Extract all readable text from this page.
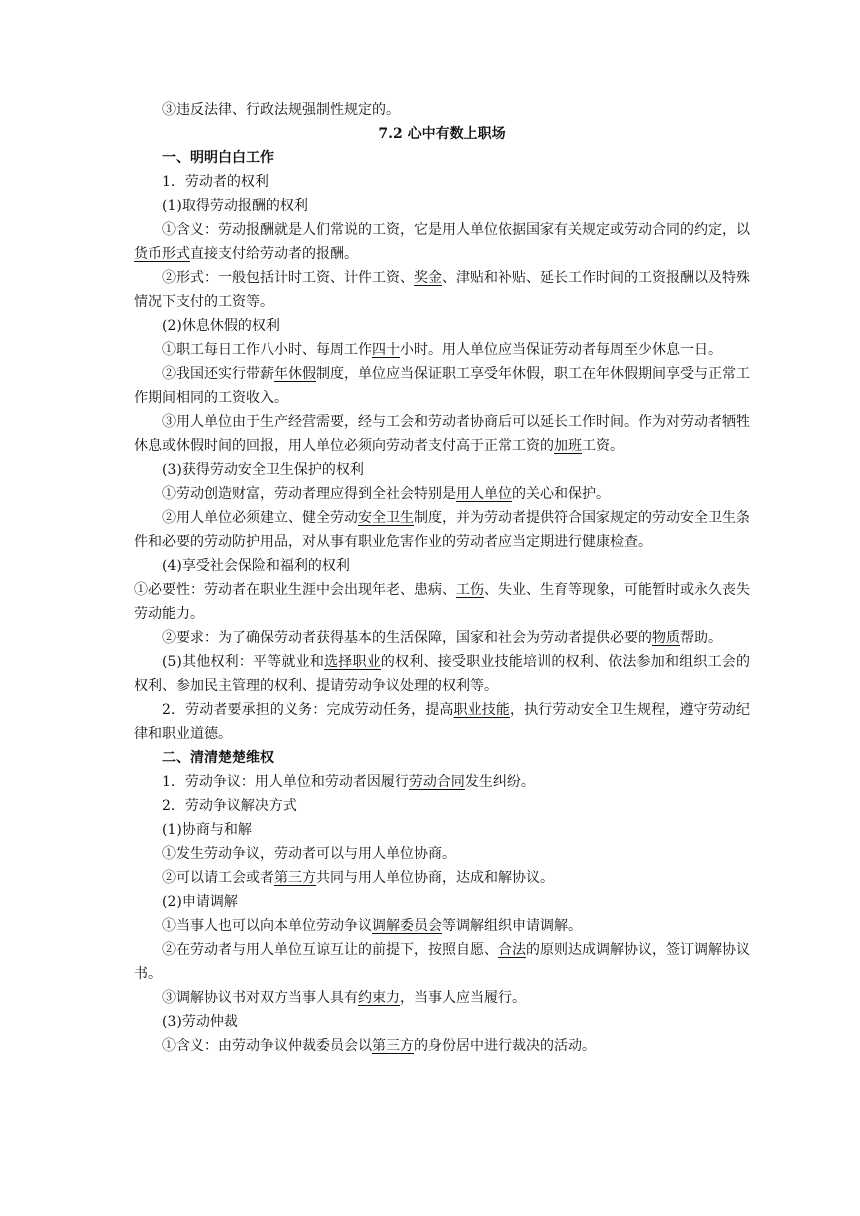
③违反法律、行政法规强制性规定的。

7.2 心中有数上职场

一、明明白白工作

1．劳动者的权利

(1)取得劳动报酬的权利

①含义：劳动报酬就是人们常说的工资，它是用人单位依据国家有关规定或劳动合同的约定，以货币形式直接支付给劳动者的报酬。

②形式：一般包括计时工资、计件工资、奖金、津贴和补贴、延长工作时间的工资报酬以及特殊情况下支付的工资等。

(2)休息休假的权利

①职工每日工作八小时、每周工作四十小时。用人单位应当保证劳动者每周至少休息一日。

②我国还实行带薪年休假制度，单位应当保证职工享受年休假，职工在年休假期间享受与正常工作期间相同的工资收入。

③用人单位由于生产经营需要，经与工会和劳动者协商后可以延长工作时间。作为对劳动者牺牲休息或休假时间的回报，用人单位必须向劳动者支付高于正常工资的加班工资。

(3)获得劳动安全卫生保护的权利

①劳动创造财富，劳动者理应得到全社会特别是用人单位的关心和保护。

②用人单位必须建立、健全劳动安全卫生制度，并为劳动者提供符合国家规定的劳动安全卫生条件和必要的劳动防护用品，对从事有职业危害作业的劳动者应当定期进行健康检查。

(4)享受社会保险和福利的权利

①必要性：劳动者在职业生涯中会出现年老、患病、工伤、失业、生育等现象，可能暂时或永久丧失劳动能力。

②要求：为了确保劳动者获得基本的生活保障，国家和社会为劳动者提供必要的物质帮助。

(5)其他权利：平等就业和选择职业的权利、接受职业技能培训的权利、依法参加和组织工会的权利、参加民主管理的权利、提请劳动争议处理的权利等。

2．劳动者要承担的义务：完成劳动任务，提高职业技能，执行劳动安全卫生规程，遵守劳动纪律和职业道德。

二、清清楚楚维权

1．劳动争议：用人单位和劳动者因履行劳动合同发生纠纷。

2．劳动争议解决方式

(1)协商与和解

①发生劳动争议，劳动者可以与用人单位协商。

②可以请工会或者第三方共同与用人单位协商，达成和解协议。

(2)申请调解

①当事人也可以向本单位劳动争议调解委员会等调解组织申请调解。

②在劳动者与用人单位互谅互让的前提下，按照自愿、合法的原则达成调解协议，签订调解协议书。

③调解协议书对双方当事人具有约束力，当事人应当履行。

(3)劳动仲裁

①含义：由劳动争议仲裁委员会以第三方的身份居中进行裁决的活动。
